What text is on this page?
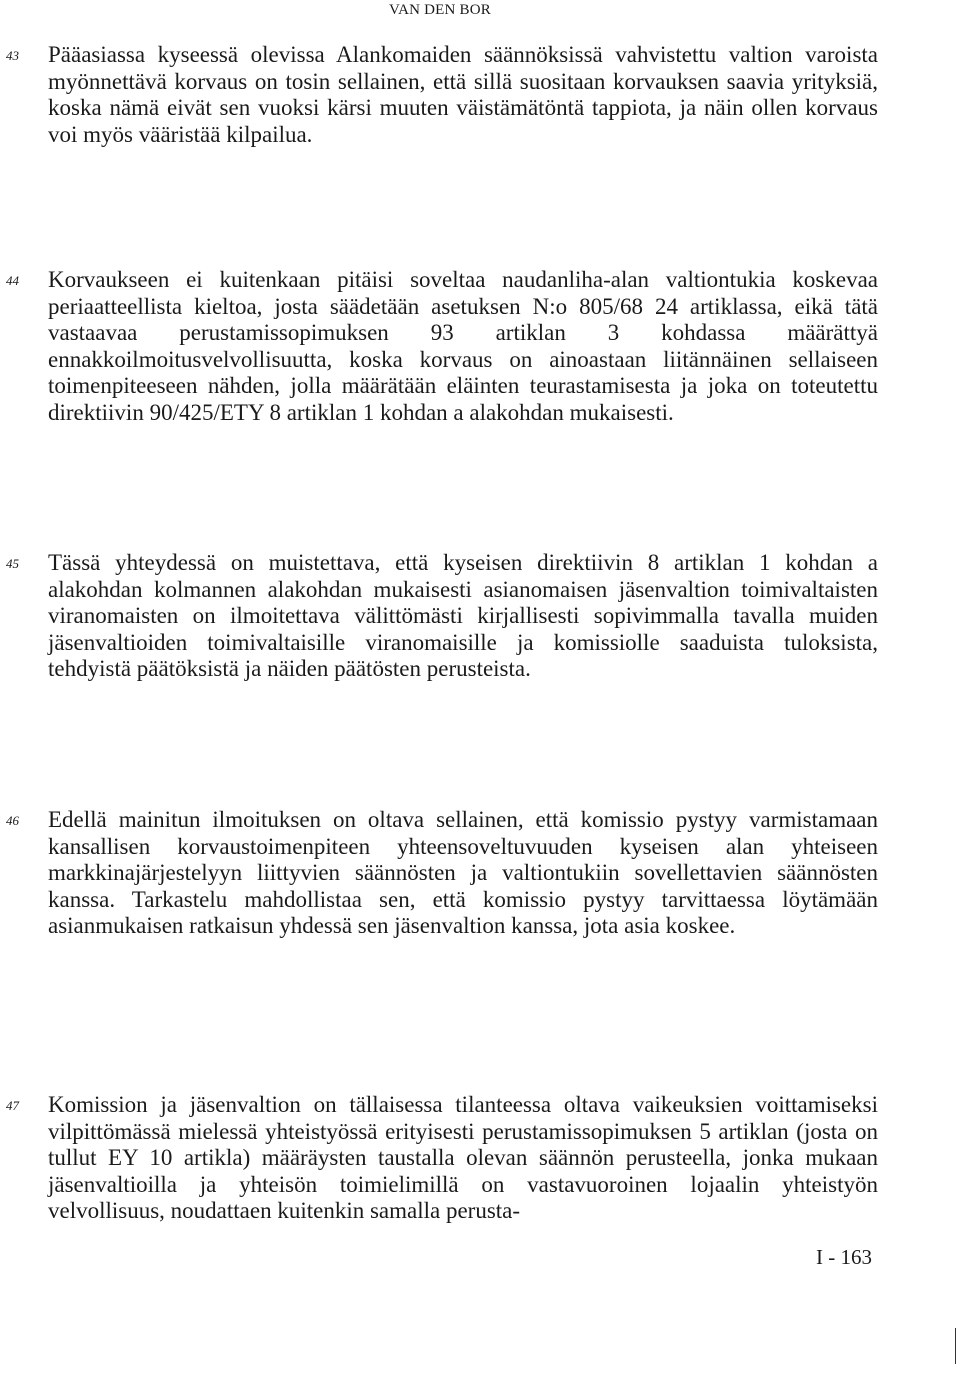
VAN DEN BOR
43 Pääasiassa kyseessä olevissa Alankomaiden säännöksissä vahvistettu valtion varoista myönnettävä korvaus on tosin sellainen, että sillä suositaan korvauksen saavia yrityksiä, koska nämä eivät sen vuoksi kärsi muuten väistämätöntä tappiota, ja näin ollen korvaus voi myös vääristää kilpailua.

44 Korvaukseen ei kuitenkaan pitäisi soveltaa naudanliha-alan valtiontukia koskevaa periaatteellista kieltoa, josta säädetään asetuksen N:o 805/68 24 artiklassa, eikä tätä vastaavaa perustamissopimuksen 93 artiklan 3 kohdassa määrättyä ennakkoilmoitusvelvollisuutta, koska korvaus on ainoastaan liitännäinen sellaiseen toimenpiteeseen nähden, jolla määrätään eläinten teurastamisesta ja joka on toteutettu direktiivin 90/425/ETY 8 artiklan 1 kohdan a alakohdan mukaisesti.

45 Tässä yhteydessä on muistettava, että kyseisen direktiivin 8 artiklan 1 kohdan a alakohdan kolmannen alakohdan mukaisesti asianomaisen jäsenvaltion toimivaltaisten viranomaisten on ilmoitettava välittömästi kirjallisesti sopivimmalla tavalla muiden jäsenvaltioiden toimivaltaisille viranomaisille ja komissiolle saaduista tuloksista, tehdyistä päätöksistä ja näiden päätösten perusteista.

46 Edellä mainitun ilmoituksen on oltava sellainen, että komissio pystyy varmistamaan kansallisen korvaustoimenpiteen yhteensoveltuvuuden kyseisen alan yhteiseen markkinajärjestelyyn liittyvien säännösten ja valtiontukiin sovellettavien säännösten kanssa. Tarkastelu mahdollistaa sen, että komissio pystyy tarvittaessa löytämään asianmukaisen ratkaisun yhdessä sen jäsenvaltion kanssa, jota asia koskee.

47 Komission ja jäsenvaltion on tällaisessa tilanteessa oltava vaikeuksien voittamiseksi vilpittömässä mielessä yhteistyössä erityisesti perustamissopimuksen 5 artiklan (josta on tullut EY 10 artikla) määräysten taustalla olevan säännön perusteella, jonka mukaan jäsenvaltioilla ja yhteisön toimielimillä on vastavuoroinen lojaalin yhteistyön velvollisuus, noudattaen kuitenkin samalla perusta-

I - 163
